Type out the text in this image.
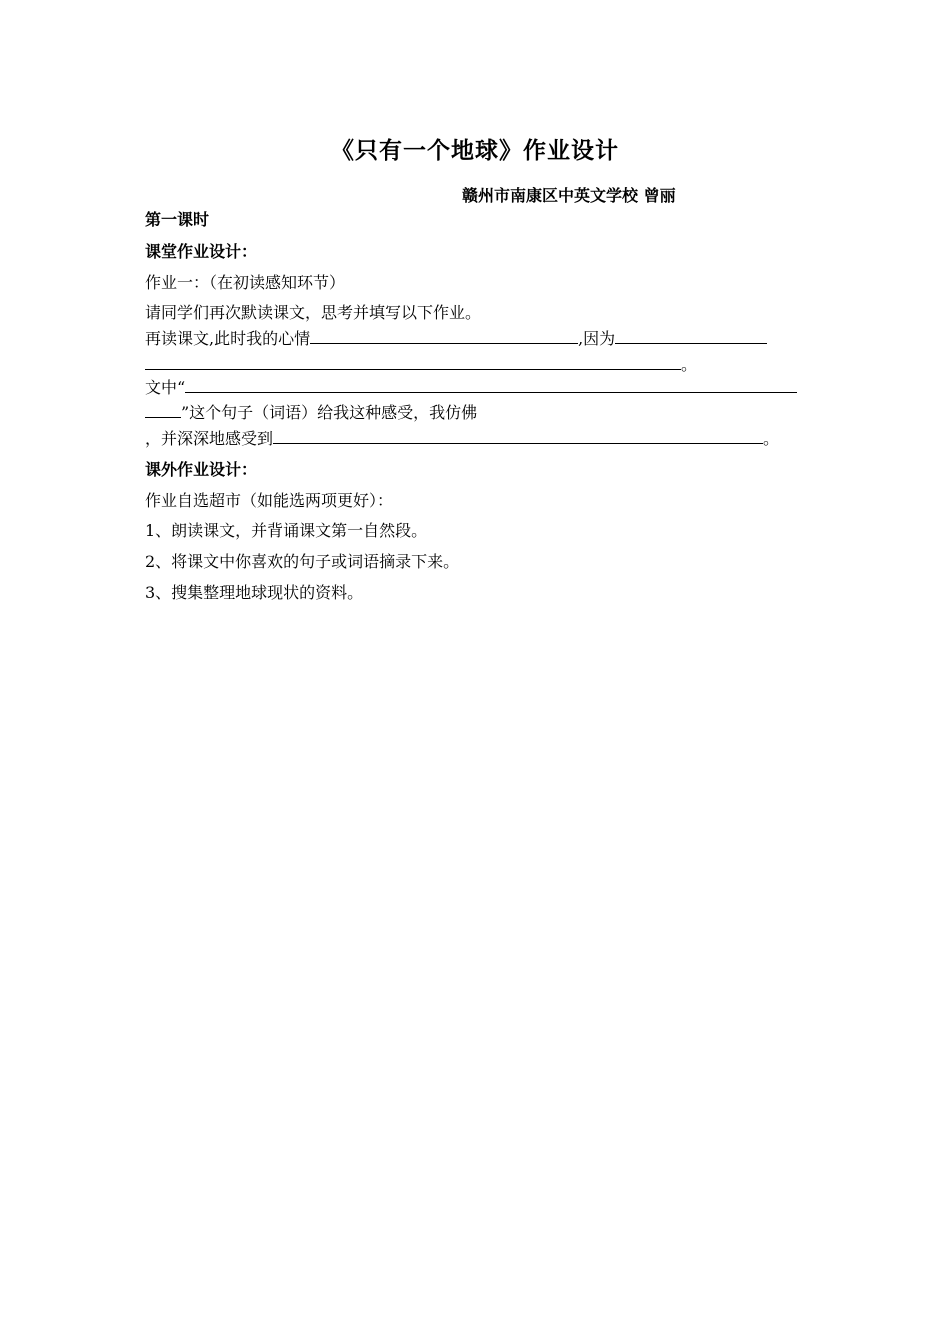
《只有一个地球》作业设计
赣州市南康区中英文学校 曾丽
第一课时
课堂作业设计：
作业一：（在初读感知环节）
请同学们再次默读课文，思考并填写以下作业。
再读课文,此时我的心情	,因为
。
文中“
”这个句子（词语）给我这种感受，我仿佛
，并深深地感受到	。
课外作业设计：
作业自选超市（如能选两项更好）：
1、朗读课文，并背诵课文第一自然段。
2、将课文中你喜欢的句子或词语摘录下来。
3、搜集整理地球现状的资料。
